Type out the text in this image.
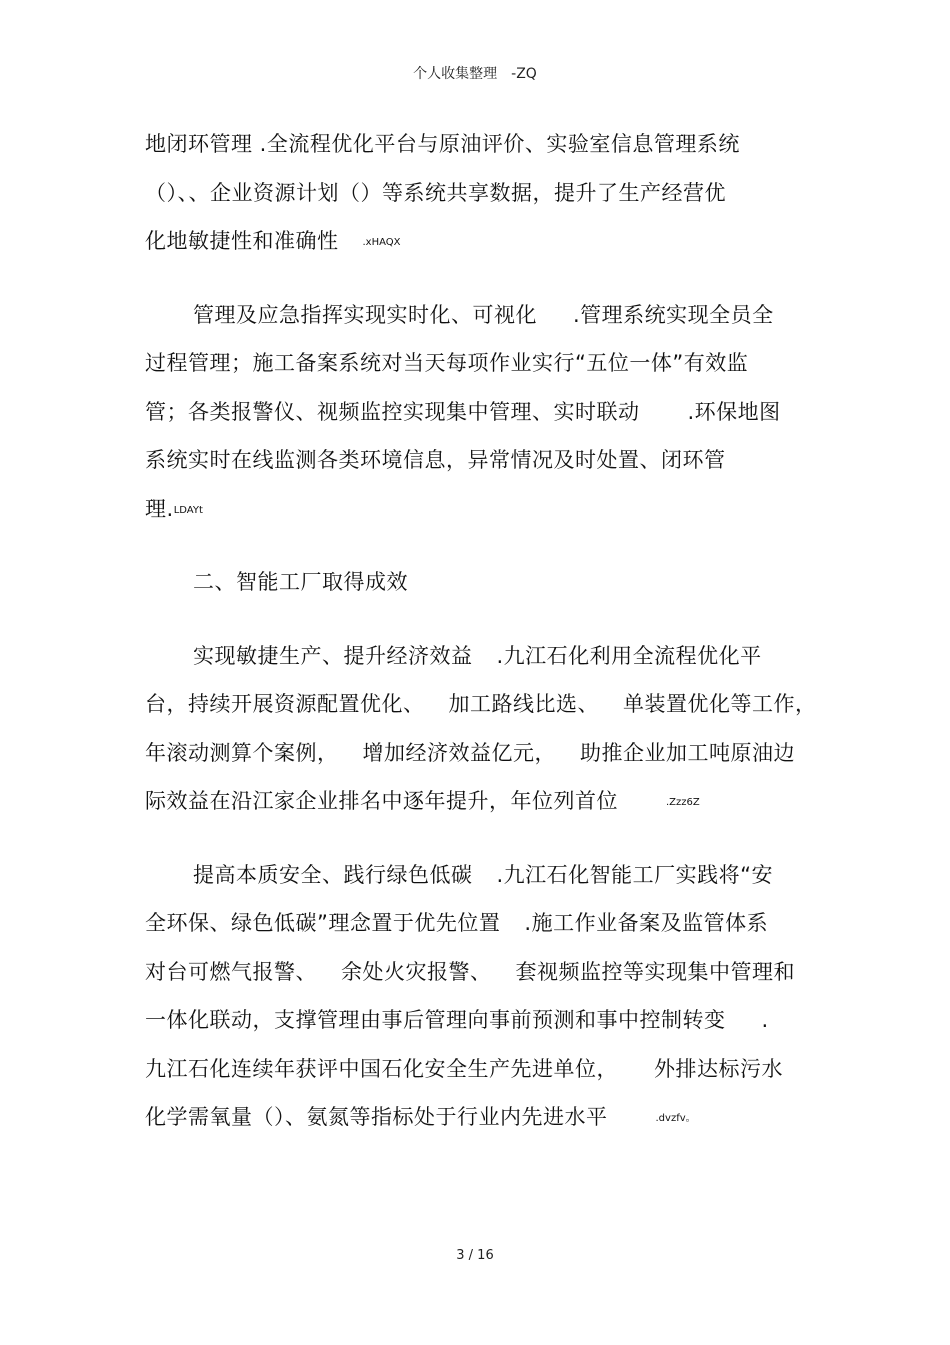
个人收集整理　-ZQ
地闭环管理 .全流程优化平台与原油评价、实验室信息管理系统
（）、、企业资源计划（）等系统共享数据，提升了生产经营优
化地敏捷性和准确性 .xHAQX
管理及应急指挥实现实时化、可视化 .管理系统实现全员全
过程管理；施工备案系统对当天每项作业实行“五位一体”有效监
管；各类报警仪、视频监控实现集中管理、实时联动 .环保地图
系统实时在线监测各类环境信息，异常情况及时处置、闭环管
理.LDAYt
二、智能工厂取得成效
实现敏捷生产、提升经济效益 .九江石化利用全流程优化平
台，持续开展资源配置优化、 加工路线比选、 单装置优化等工作，
年滚动测算个案例， 增加经济效益亿元， 助推企业加工吨原油边
际效益在沿江家企业排名中逐年提升，年位列首位	.Zzz6Z
提高本质安全、践行绿色低碳 .九江石化智能工厂实践将“安
全环保、绿色低碳”理念置于优先位置 .施工作业备案及监管体系
对台可燃气报警、 余处火灾报警、 套视频监控等实现集中管理和
一体化联动，支撑管理由事后管理向事前预测和事中控制转变 .
九江石化连续年获评中国石化安全生产先进单位， 外排达标污水
化学需氧量（）、氨氮等指标处于行业内先进水平	.dvzfv。
3 / 16
